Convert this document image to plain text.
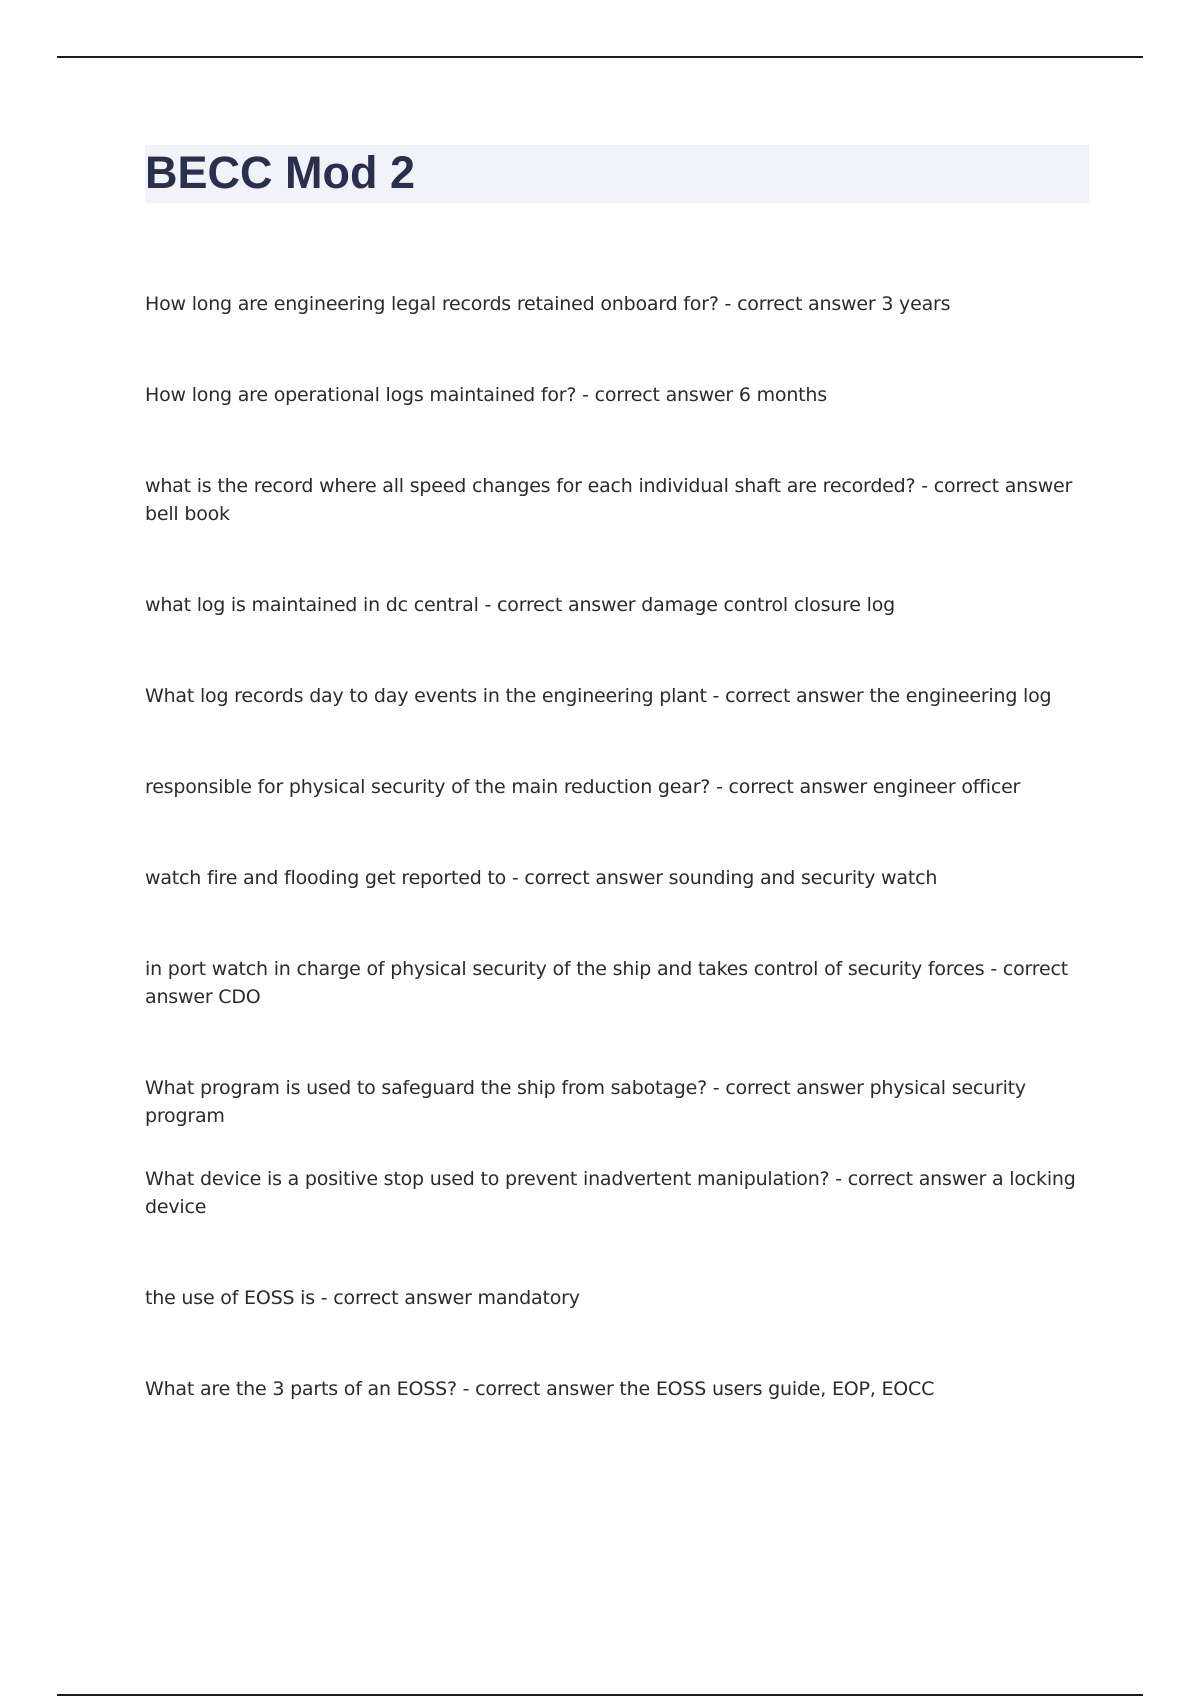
BECC Mod 2
How long are engineering legal records retained onboard for? - correct answer 3 years
How long are operational logs maintained for? - correct answer 6 months
what is the record where all speed changes for each individual shaft are recorded? - correct answer bell book
what log is maintained in dc central - correct answer damage control closure log
What log records day to day events in the engineering plant - correct answer the engineering log
responsible for physical security of the main reduction gear? - correct answer engineer officer
watch fire and flooding get reported to - correct answer sounding and security watch
in port watch in charge of physical security of the ship and takes control of security forces - correct answer CDO
What program is used to safeguard the ship from sabotage? - correct answer physical security program
What device is a positive stop used to prevent inadvertent manipulation? - correct answer a locking device
the use of EOSS is - correct answer mandatory
What are the 3 parts of an EOSS? - correct answer the EOSS users guide, EOP, EOCC
